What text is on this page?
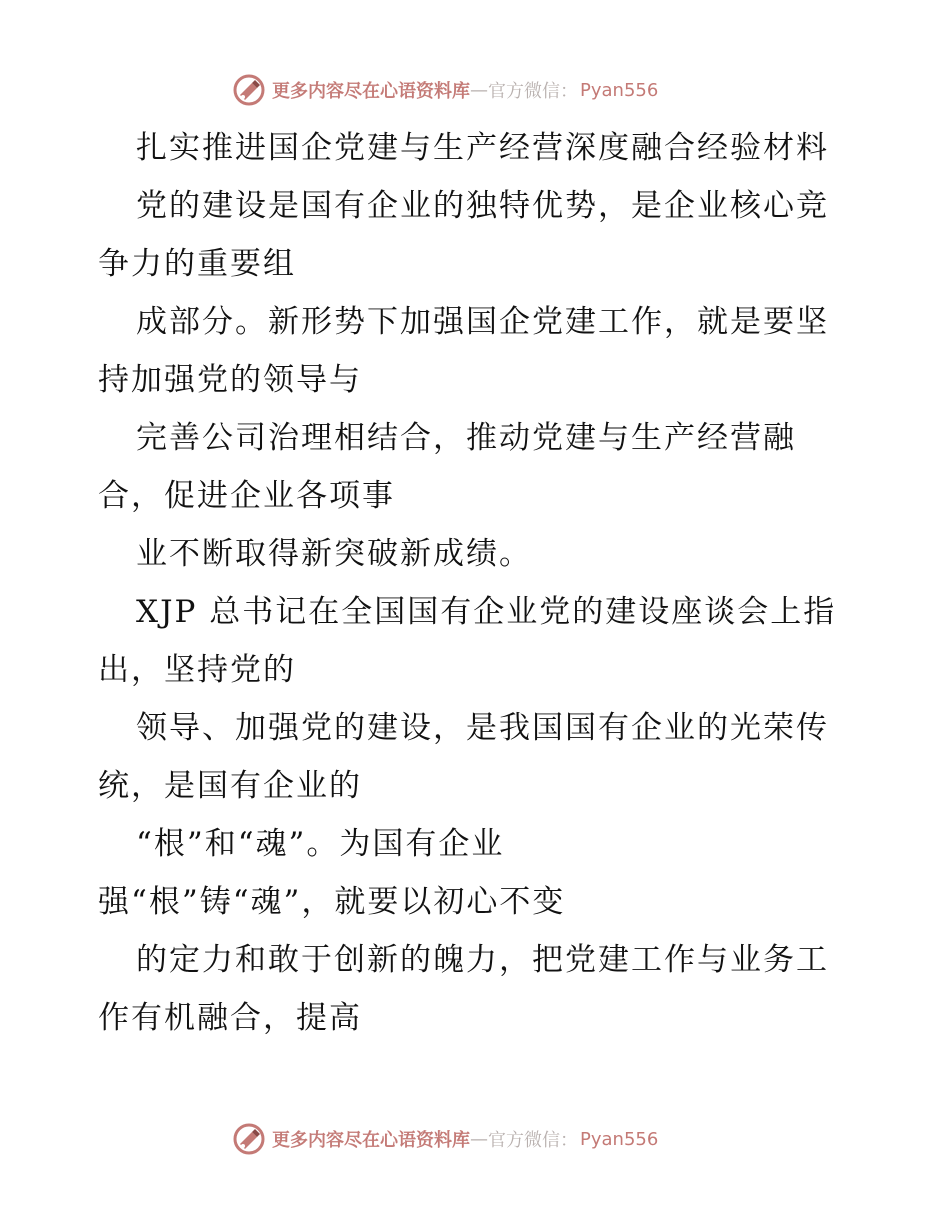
更多内容尽在心语资料库 — 官方微信： Pyan556
扎实推进国企党建与生产经营深度融合经验材料
党的建设是国有企业的独特优势，是企业核心竞
争力的重要组
成部分。新形势下加强国企党建工作，就是要坚
持加强党的领导与
完善公司治理相结合，推动党建与生产经营融
合，促进企业各项事
业不断取得新突破新成绩。
XJP 总书记在全国国有企业党的建设座谈会上指
出，坚持党的
领导、加强党的建设，是我国国有企业的光荣传
统，是国有企业的
“根”和“魂”。为国有企业
强“根”铸“魂”，就要以初心不变
的定力和敢于创新的魄力，把党建工作与业务工
作有机融合，提高
更多内容尽在心语资料库 — 官方微信： Pyan556
